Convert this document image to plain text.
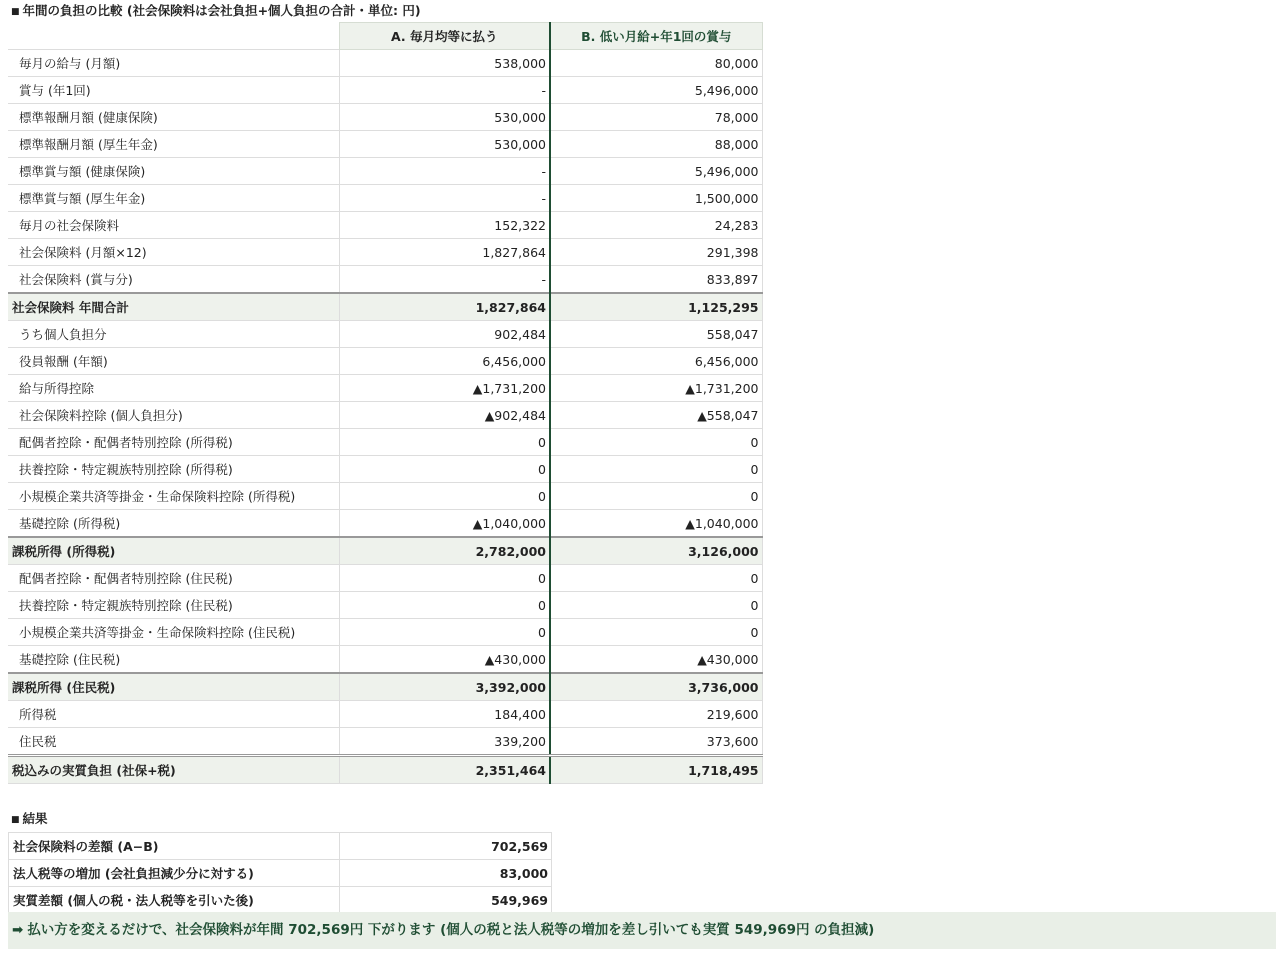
■ 年間の負担の比較 (社会保険料は会社負担+個人負担の合計・単位: 円)
	A. 毎月均等に払う	B. 低い月給+年1回の賞与
毎月の給与 (月額)	538,000	80,000
賞与 (年1回)	-	5,496,000
標準報酬月額 (健康保険)	530,000	78,000
標準報酬月額 (厚生年金)	530,000	88,000
標準賞与額 (健康保険)	-	5,496,000
標準賞与額 (厚生年金)	-	1,500,000
毎月の社会保険料	152,322	24,283
社会保険料 (月額×12)	1,827,864	291,398
社会保険料 (賞与分)	-	833,897
社会保険料 年間合計	1,827,864	1,125,295
うち個人負担分	902,484	558,047
役員報酬 (年額)	6,456,000	6,456,000
給与所得控除	▲1,731,200	▲1,731,200
社会保険料控除 (個人負担分)	▲902,484	▲558,047
配偶者控除・配偶者特別控除 (所得税)	0	0
扶養控除・特定親族特別控除 (所得税)	0	0
小規模企業共済等掛金・生命保険料控除 (所得税)	0	0
基礎控除 (所得税)	▲1,040,000	▲1,040,000
課税所得 (所得税)	2,782,000	3,126,000
配偶者控除・配偶者特別控除 (住民税)	0	0
扶養控除・特定親族特別控除 (住民税)	0	0
小規模企業共済等掛金・生命保険料控除 (住民税)	0	0
基礎控除 (住民税)	▲430,000	▲430,000
課税所得 (住民税)	3,392,000	3,736,000
所得税	184,400	219,600
住民税	339,200	373,600
税込みの実質負担 (社保+税)	2,351,464	1,718,495
■ 結果
社会保険料の差額 (A−B)	702,569
法人税等の増加 (会社負担減少分に対する)	83,000
実質差額 (個人の税・法人税等を引いた後)	549,969
➡ 払い方を変えるだけで、社会保険料が年間 702,569円 下がります (個人の税と法人税等の増加を差し引いても実質 549,969円 の負担減)
